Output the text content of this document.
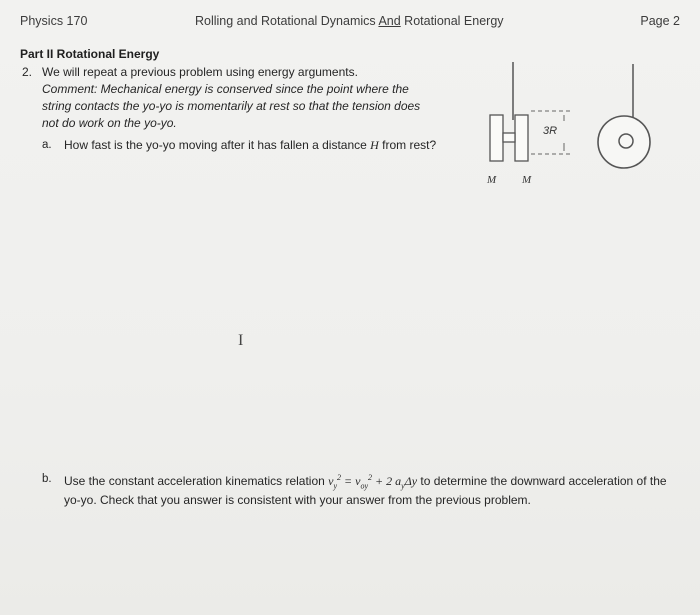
Physics 170	Rolling and Rotational Dynamics And Rotational Energy	Page 2
Part II Rotational Energy
2. We will repeat a previous problem using energy arguments.
Comment: Mechanical energy is conserved since the point where the string contacts the yo-yo is momentarily at rest so that the tension does not do work on the yo-yo.
a. How fast is the yo-yo moving after it has fallen a distance H from rest?
b. Use the constant acceleration kinematics relation $v_y^2 = v_{oy}^2 + 2$ $a_y\Delta y$ to determine the downward acceleration of the yo-yo. Check that you answer is consistent with your answer from the previous problem.
I
3R
M M
